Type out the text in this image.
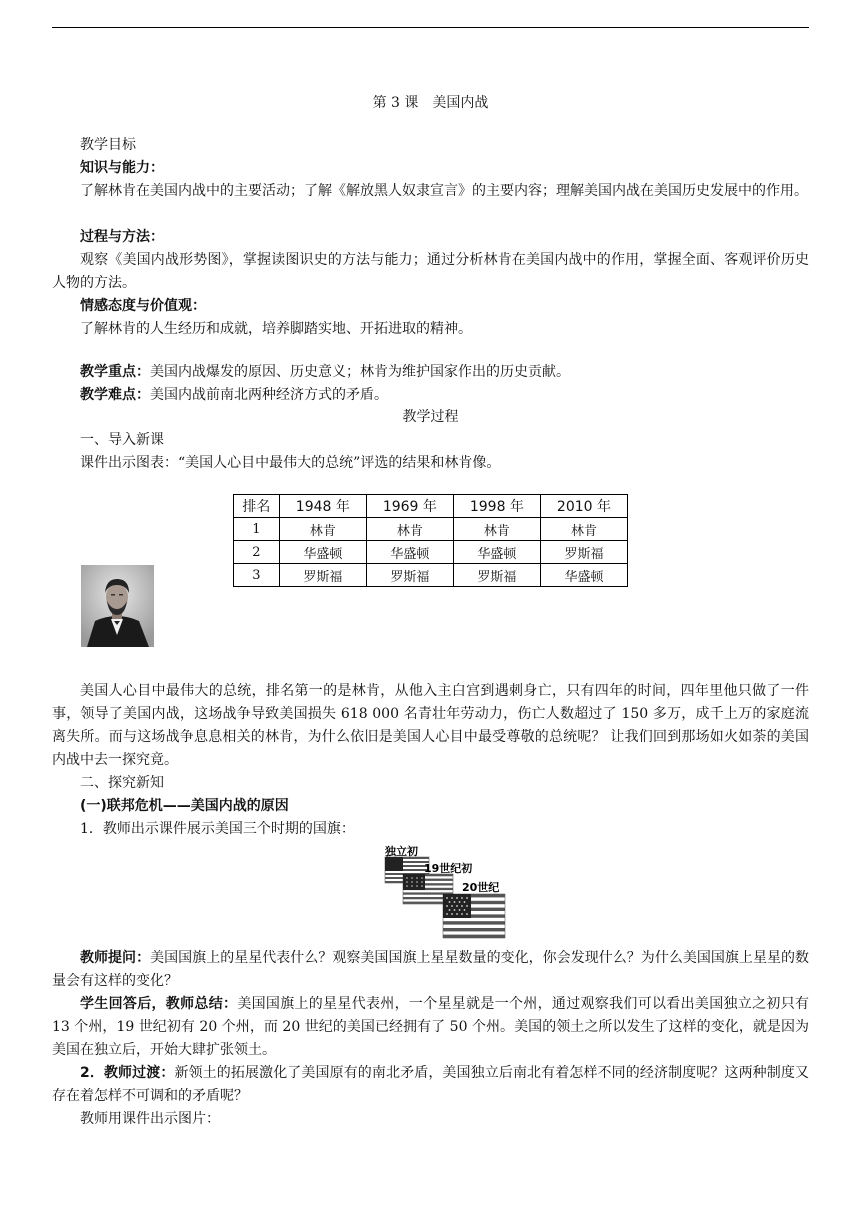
第 3 课　美国内战

教学目标

知识与能力：

了解林肯在美国内战中的主要活动；了解《解放黑人奴隶宣言》的主要内容；理解美国内战在美国历史发展中的作用。

过程与方法：

观察《美国内战形势图》，掌握读图识史的方法与能力；通过分析林肯在美国内战中的作用，掌握全面、客观评价历史人物的方法。

情感态度与价值观：

了解林肯的人生经历和成就，培养脚踏实地、开拓进取的精神。

教学重点：美国内战爆发的原因、历史意义；林肯为维护国家作出的历史贡献。

教学难点：美国内战前南北两种经济方式的矛盾。

教学过程

一、导入新课

课件出示图表：“美国人心目中最伟大的总统”评选的结果和林肯像。

排名	1948 年	1969 年	1998 年	2010 年
1	林肯	林肯	林肯	林肯
2	华盛顿	华盛顿	华盛顿	罗斯福
3	罗斯福	罗斯福	罗斯福	华盛顿

美国人心目中最伟大的总统，排名第一的是林肯，从他入主白宫到遇刺身亡，只有四年的时间，四年里他只做了一件事，领导了美国内战，这场战争导致美国损失 618 000 名青壮年劳动力，伤亡人数超过了 150 多万，成千上万的家庭流离失所。而与这场战争息息相关的林肯，为什么依旧是美国人心目中最受尊敬的总统呢？ 让我们回到那场如火如荼的美国内战中去一探究竟。

二、探究新知

(一)联邦危机——美国内战的原因

1．教师出示课件展示美国三个时期的国旗：

独立初
19世纪初
20世纪

教师提问：美国国旗上的星星代表什么？观察美国国旗上星星数量的变化，你会发现什么？为什么美国国旗上星星的数量会有这样的变化？

学生回答后，教师总结：美国国旗上的星星代表州，一个星星就是一个州，通过观察我们可以看出美国独立之初只有 13 个州，19 世纪初有 20 个州，而 20 世纪的美国已经拥有了 50 个州。美国的领土之所以发生了这样的变化，就是因为美国在独立后，开始大肆扩张领土。

2．教师过渡：新领土的拓展激化了美国原有的南北矛盾，美国独立后南北有着怎样不同的经济制度呢？这两种制度又存在着怎样不可调和的矛盾呢？

教师用课件出示图片：
